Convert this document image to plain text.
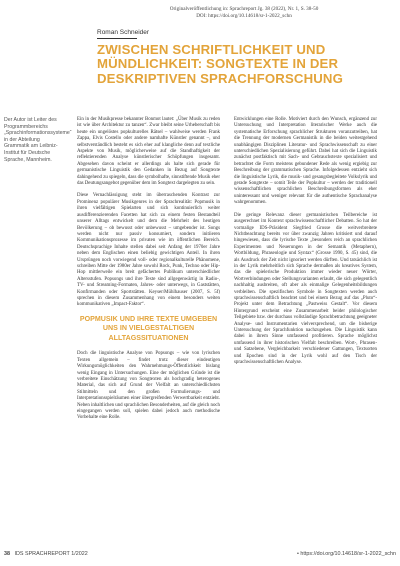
Originalveröffentlichung in: Sprachreport Jg. 38 (2022), Nr. 1, S. 38-50
DOI: https://doi.org/10.14618/sr-1-2022_schn
Roman Schneider
ZWISCHEN SCHRIFTLICHKEIT UND MÜNDLICHKEIT: SONGTEXTE IN DER DESKRIPTIVEN SPRACHFORSCHUNG
Der Autor ist Leiter des Programmbereichs „Sprachinformationssysteme“ in der Abteilung Grammatik am Leibniz-Institut für Deutsche Sprache, Mannheim.

Ein in der Musikpresse bekannter Bonmot lautet: „Über Musik zu reden ist wie über Architektur zu tanzen“. Zwar bleibt seine Urheberschaft bis heute ein ungelöstes popkulturelles Rätsel – wahlweise werden Frank Zappa, Elvis Costello oder andere namhafte Künstler genannt –, und selbstverständlich besteht es sich eher auf klangliche denn auf textliche Aspekte von Musik, möglicherweise auf die Standhaftigkeit der reflektierenden Analyse künstlerischer Schöpfungen insgesamt. Abgesehen davon scheint er allerdings als halte sich gerade für germanistische Linguistik den Gedanken in Bezug auf Songtexte dahingehend zu spiegeln, dass die symbolhafte, sinnstiftende Musik eher das Deutungsangebot gegenüber dem im Songtext dargelegten zu sein.

Diese Vernachlässigung steht im überraschenden Kontrast zur Prominenz populärer Musikgenres in der Sprachrealität: Popmusik in ihren vielfältigen Spielarten und sich kontinuierlich weiter ausdifferenzierenden Facetten hat sich zu einem festen Bestandteil unserer Alltags entwickelt und dem die Mehrheit des heutigen Bevölkerung – ob bewusst oder unbewusst – umgebender ist. Songs werden nicht nur passiv konsumiert, sondern initiieren Kommunikationsprozesse im privaten wie im öffentlichen Bereich. Deutschsprachige Inhalte stellen dabei seit Anfang der 1970er Jahre neben dem Englischen einen beliebig gewichtigen Anteil. In ihren Ursprüngen noch vorwiegend voll- oder regionalkulturelle Phänomene, schreiben Mitte der 1980er Jahre sowohl Rock, Punk, Techno oder Hip-Hop mittlerweile ein breit gefächertes Publikum unterschiedlicher Altersstufen. Popsongs und ihre Texte sind allgegenwärtig in Radio-, TV- und Streaming-Formaten, Jahres- oder unterwegs, in Gaststätten, Konfirmanden oder Sportstätten. Keyser/Mühlhauser (2007, S. 5f) sprechen in diesem Zusammenhang von einem besonders weiten kommunikativen „Impact-Faktor“.

POPMUSIK UND IHRE TEXTE UMGEBEN UNS IN VIELGESTALTIGEN ALLTAGSSITUATIONEN

Doch die linguistische Analyse von Popsongs – wie von lyrischen Texten allgemein – findet trotz dieser eindeutigen Wirkungsmöglichkeiten den Wahrnehmungs-Öffentlichkeit bislang wenig Eingang in Untersuchungen. Eine der möglichen Gründe ist die verbreitete Einschätzung von Songtexten als hochgradig heterogenes Material, das sich auf Grund der Vielfalt an unterschiedlichsten Stilmitteln und den großen Formulierungs- und Interpretationsspielräumen einer übergreifenden Verwertbarkeit entzieht. Neben inhaltlichen und sprachlichen Besonderheiten, auf die gleich noch eingegangen werden soll, spielen dabei jedoch auch methodische Vorbehalte eine Rolle.

Entwicklungen eine Rolle. Motiviert durch den Wunsch, ergänzend zur Untersuchung und Interpretation literarischer Werke auch die systematische Erforschung sprachlicher Strukturen voranzutreiben, hat die Trennung der modernen Germanistik in die beiden weitestgehend unabhängigen Disziplinen Literatur- und Sprachwissenschaft zu einer unterschiedlichen Spezialisierung geführt. Dabei hat sich die Linguistik zunächst postfaktisch mit Sach- und Gebrauchstexte spezialisiert und betrachtet die Form meistens gebundener Rede als wenig ergiebig zur Beschreibung der grammatischen Sprache. Infolgedessen entzieht sich die linguistische Lyrik, die musik- und gesangsbegleitete Volkslyrik und gerade Songtexte – somit Teile der Popkultur – werden der traditionell wissenschaftlichen sprachlichen Beschreibungsformen als eher uninteressant und weniger relevant für die authentische Sprachanalyse wahrgenommen.

Die geringe Relevanz dieser germanistischen Teilbereiche ist ausgerechnet im Kontext sprachwissenschaftlicher Debatten. So hat der vormalige IDS-Präsident Siegfried Grosse die weitverbreitete Nichtbeachtung bereits vor über zwanzig Jahren kritisiert und darauf hingewiesen, dass die lyrische Texte „besonders reich an sprachlichen Experimenten und Neuerungen in der Semantik (Metaphern), Wortbildung, Phraseologie und Syntax“ (Grosse 1990, S. 45) sind, die als Ausdruck der Zeit nicht ignoriert werden dürften. Und tatsächlich ist in der Lyrik mehrheitlich sich Sprache dermaßen als kreatives System, das die spielerische Produktion immer wieder neuer Wörter, Wortverbindungen oder Stellungsvarianten erlaubt, die sich gelegentlich nachhaltig ausbreiten, oft aber als einmalige Gelegenheitsbildungen verbleiben. Die spezifischen Symbole in Songtexten werden auch sprachwissenschaftlich beachtet und bei einem Bezug auf das „Pluto“-Projekt unter dem Betrachtung „Pastweiss Gestalt“. Vor diesem Hintergrund erscheint eine Zusammenarbeit beider philologischer Teilgebiete bzw. der durchaus vollständige Sprachbetrachtung geeigneter Analyse- und Instrumentarien vielversprechend, um die bisherige Untersuchung der Sprachfunktion nachzugehen. Die Linguistik kann dabei in ihrem Sinne umfassend profitieren. Sprache möglichst umfassend in ihrer historischen Vielfalt beschreiben. Wort-, Phrasen- und Satzebene, Vergleichbarkeit verschiedener Gattungen, Textsorten und Epochen sind in der Lyrik wohl auf den Tisch der sprachwissenschaftlichen Analyse.

38 IDS SPRACHREPORT 1/2022	• https://doi.org/10.14618/sr-1-2022_schn
